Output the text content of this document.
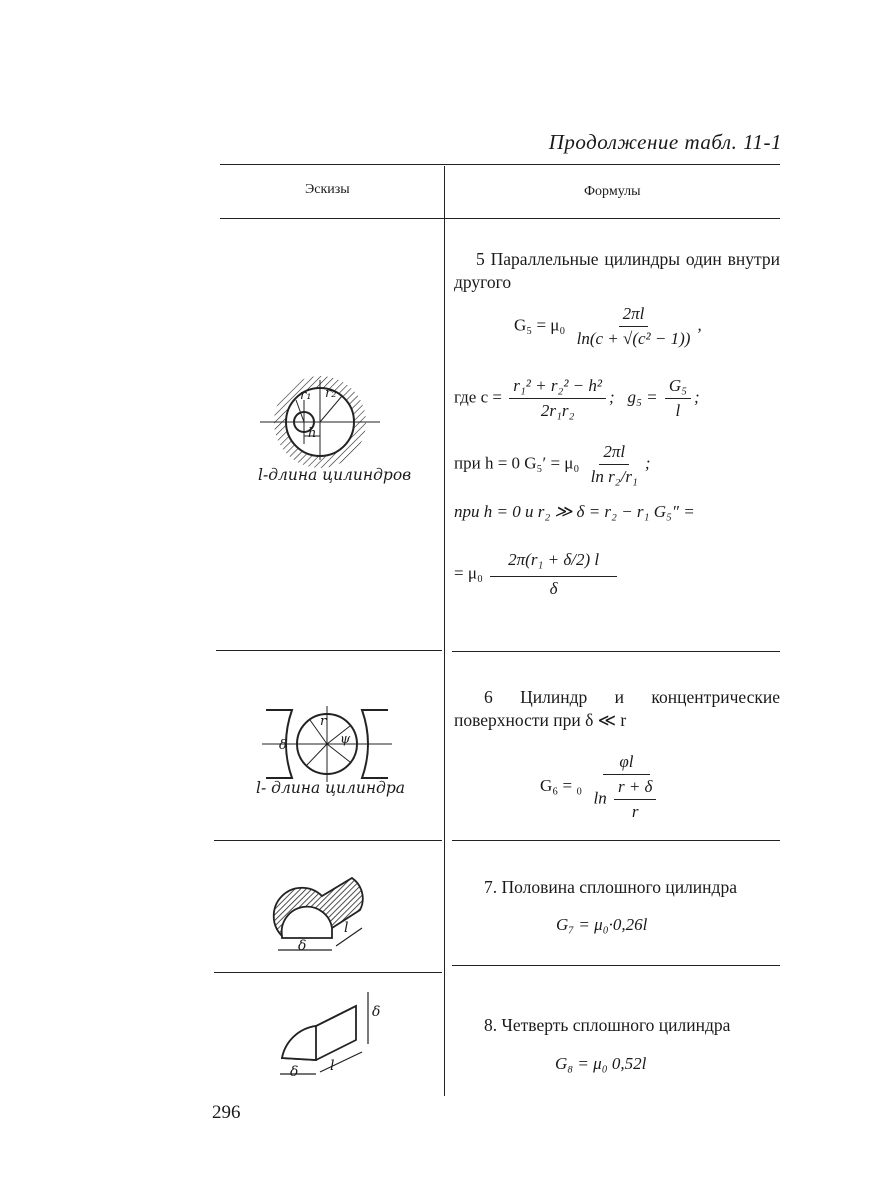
Продолжение табл. 11-1
Эскизы	Формулы
5 Параллельные цилиндры один внутри другого
$G_5 = \mu_0 \frac{2\pi l}{\text{ln(c + √(c² − 1))}}$ ,
где $c = \frac{\text{r₁² + r₂² − h²}}{\text{2r₁r₂}}$ ; $g_5 = \frac{\text{G₅}}{l}$ ;
при h = 0 $G_5' = \mu_0 \frac{2\pi l}{\text{ln r₂/r₁}}$ ;
при h = 0 и r₂ ≫ δ = r₂ − r₁ G₅″ =
= $\mu_0 \frac{\text{2π(r₁ + δ/2) l}}{\delta}$
r₁ r₂
h
l-длина цилиндров
6 Цилиндр и концентрические поверхности при δ ≪ r
$G_6 = _0 \frac{\varphi l}{\ln \frac{r + \delta}{r}}$
r
ψ
δ
l- длина цилиндра
7. Половина сплошного цилиндра
G₇ = μ₀·0,26l
δ
l
8. Четверть сплошного цилиндра
G₈ = μ₀ 0,52l
δ l
δ
296
